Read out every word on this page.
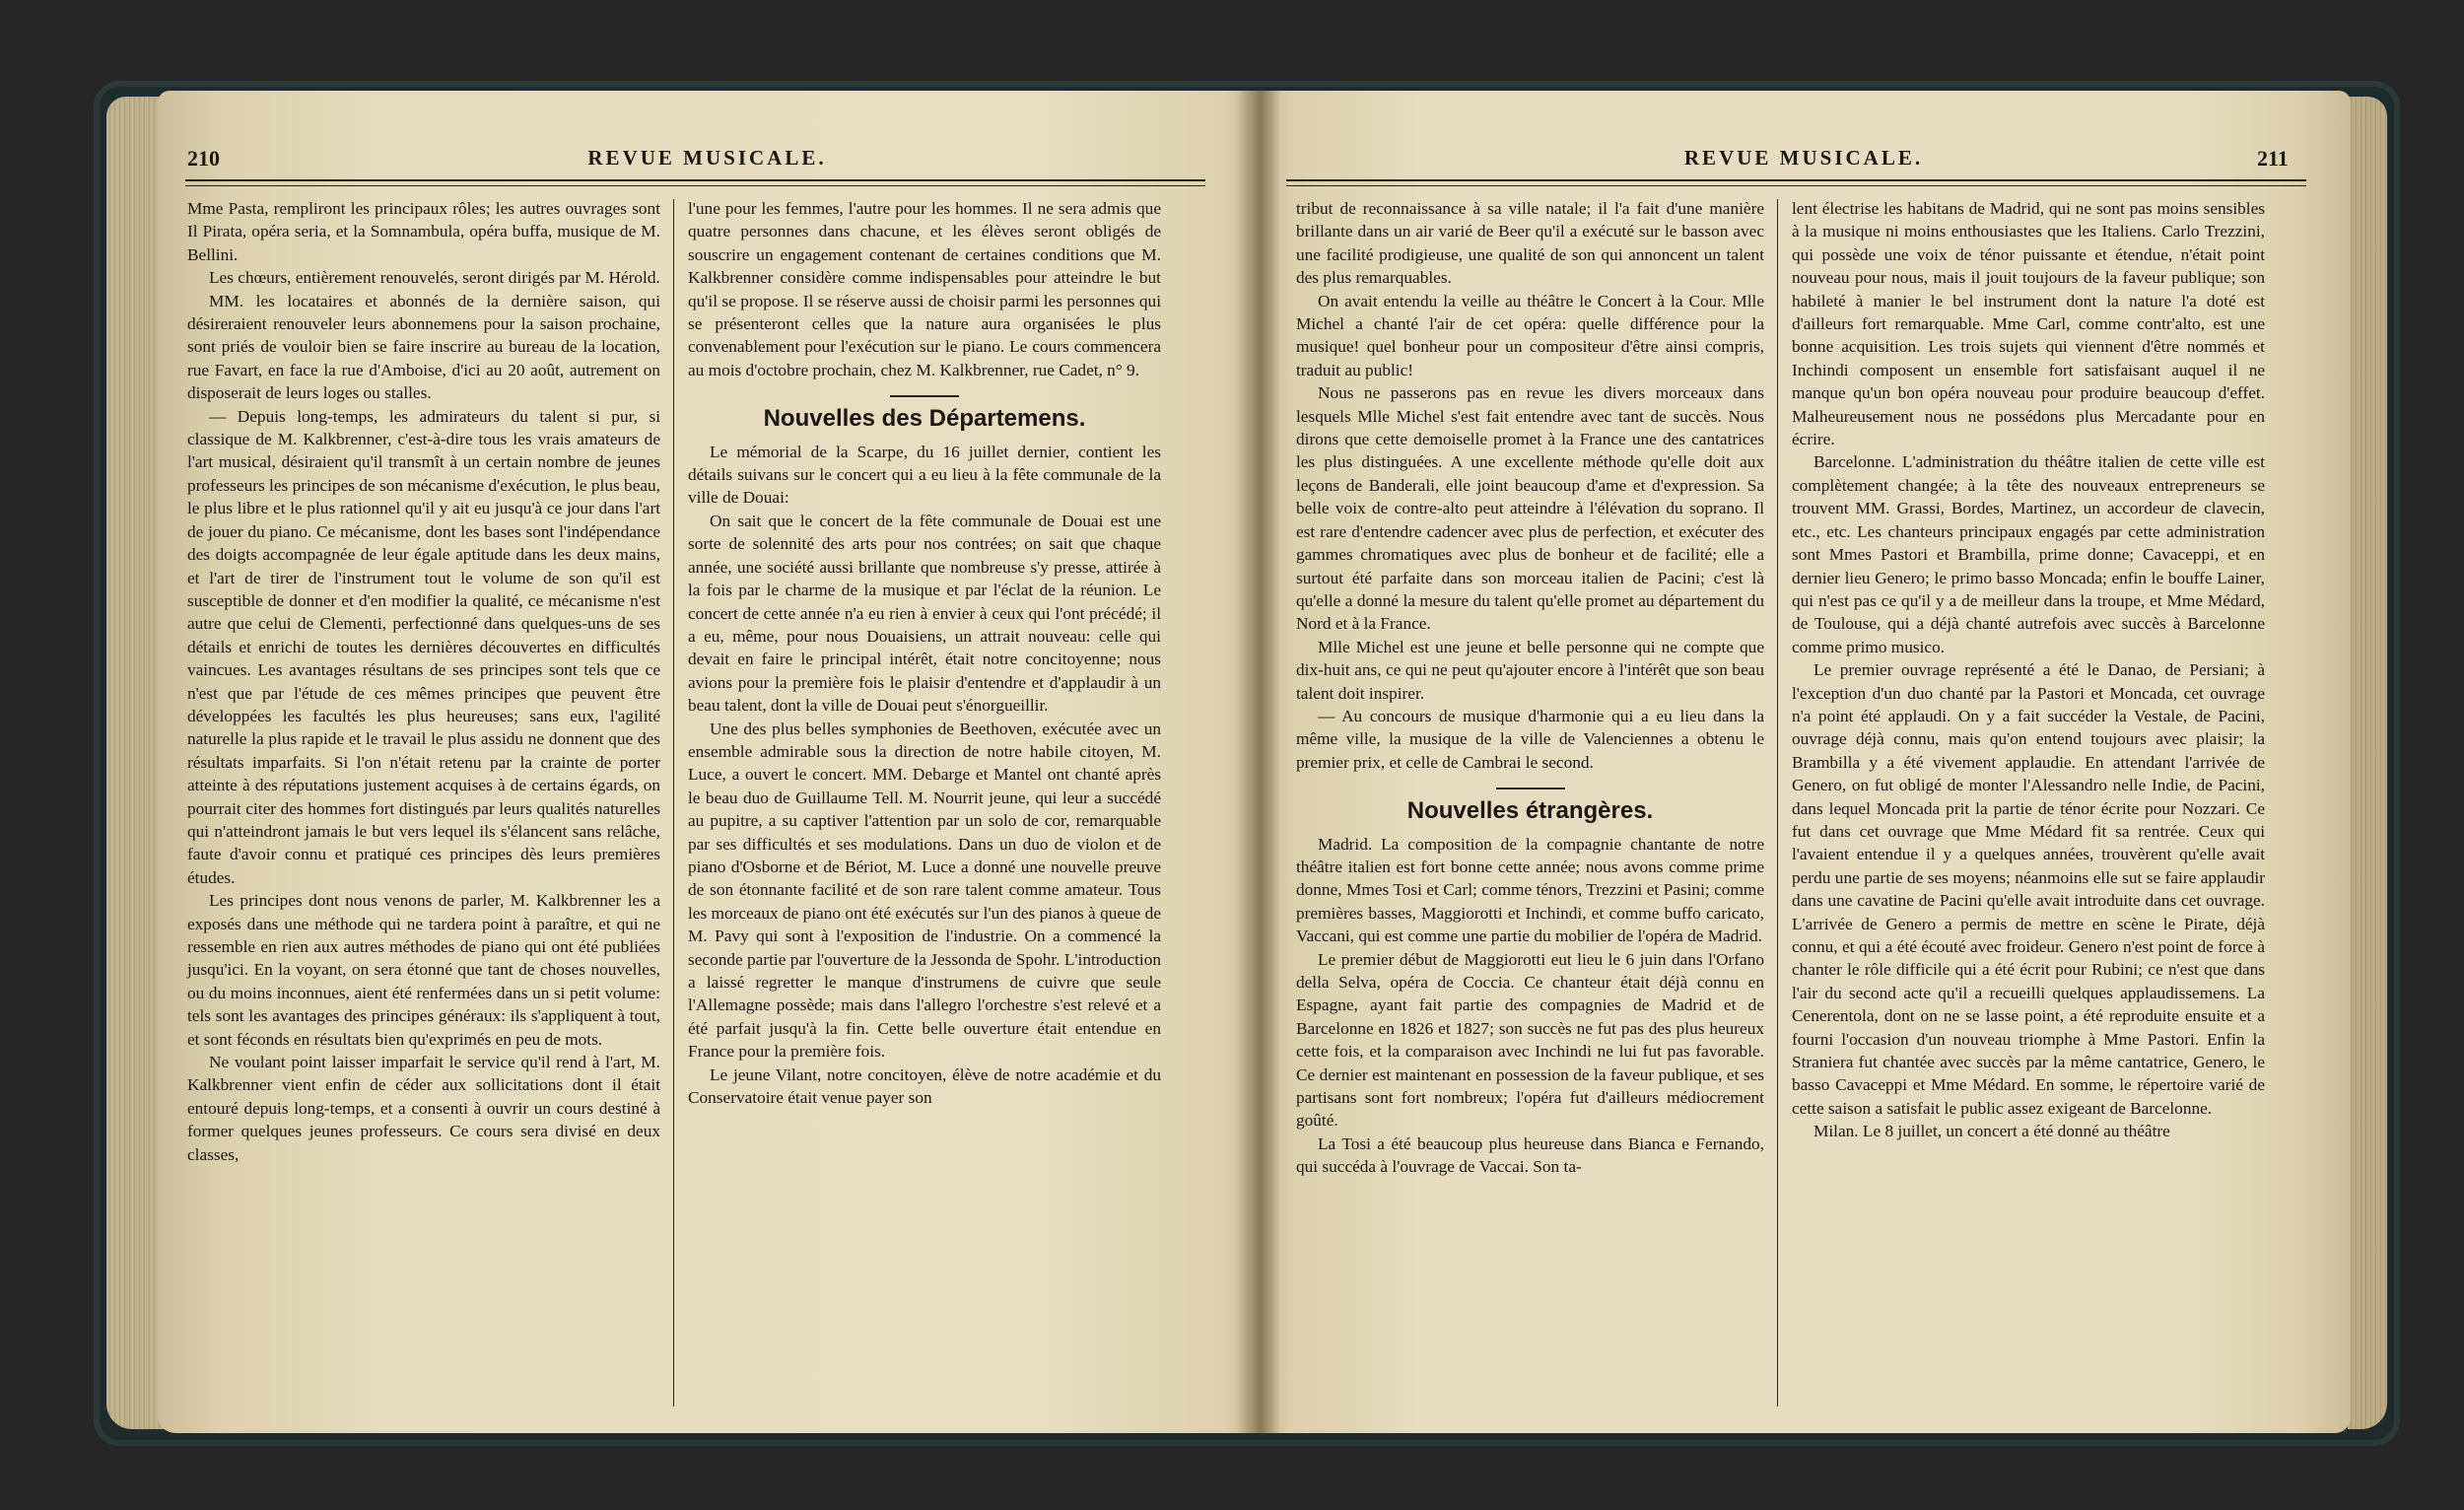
210	REVUE MUSICALE.

Mme Pasta, rempliront les principaux rôles; les autres ouvrages sont Il Pirata, opéra seria, et la Somnambula, opéra buffa, musique de M. Bellini.

Les chœurs, entièrement renouvelés, seront dirigés par M. Hérold.

MM. les locataires et abonnés de la dernière saison, qui désireraient renouveler leurs abonnemens pour la saison prochaine, sont priés de vouloir bien se faire inscrire au bureau de la location, rue Favart, en face la rue d'Amboise, d'ici au 20 août, autrement on disposerait de leurs loges ou stalles.

— Depuis long-temps, les admirateurs du talent si pur, si classique de M. Kalkbrenner, c'est-à-dire tous les vrais amateurs de l'art musical, désiraient qu'il transmît à un certain nombre de jeunes professeurs les principes de son mécanisme d'exécution, le plus beau, le plus libre et le plus rationnel qu'il y ait eu jusqu'à ce jour dans l'art de jouer du piano. Ce mécanisme, dont les bases sont l'indépendance des doigts accompagnée de leur égale aptitude dans les deux mains, et l'art de tirer de l'instrument tout le volume de son qu'il est susceptible de donner et d'en modifier la qualité, ce mécanisme n'est autre que celui de Clementi, perfectionné dans quelques-uns de ses détails et enrichi de toutes les dernières découvertes en difficultés vaincues. Les avantages résultans de ses principes sont tels que ce n'est que par l'étude de ces mêmes principes que peuvent être développées les facultés les plus heureuses; sans eux, l'agilité naturelle la plus rapide et le travail le plus assidu ne donnent que des résultats imparfaits. Si l'on n'était retenu par la crainte de porter atteinte à des réputations justement acquises à de certains égards, on pourrait citer des hommes fort distingués par leurs qualités naturelles qui n'atteindront jamais le but vers lequel ils s'élancent sans relâche, faute d'avoir connu et pratiqué ces principes dès leurs premières études.

Les principes dont nous venons de parler, M. Kalkbrenner les a exposés dans une méthode qui ne tardera point à paraître, et qui ne ressemble en rien aux autres méthodes de piano qui ont été publiées jusqu'ici. En la voyant, on sera étonné que tant de choses nouvelles, ou du moins inconnues, aient été renfermées dans un si petit volume: tels sont les avantages des principes généraux: ils s'appliquent à tout, et sont féconds en résultats bien qu'exprimés en peu de mots.

Ne voulant point laisser imparfait le service qu'il rend à l'art, M. Kalkbrenner vient enfin de céder aux sollicitations dont il était entouré depuis long-temps, et a consenti à ouvrir un cours destiné à former quelques jeunes professeurs. Ce cours sera divisé en deux classes,

l'une pour les femmes, l'autre pour les hommes. Il ne sera admis que quatre personnes dans chacune, et les élèves seront obligés de souscrire un engagement contenant de certaines conditions que M. Kalkbrenner considère comme indispensables pour atteindre le but qu'il se propose. Il se réserve aussi de choisir parmi les personnes qui se présenteront celles que la nature aura organisées le plus convenablement pour l'exécution sur le piano. Le cours commencera au mois d'octobre prochain, chez M. Kalkbrenner, rue Cadet, n° 9.

Nouvelles des Départemens.

Le mémorial de la Scarpe, du 16 juillet dernier, contient les détails suivans sur le concert qui a eu lieu à la fête communale de la ville de Douai:

On sait que le concert de la fête communale de Douai est une sorte de solennité des arts pour nos contrées; on sait que chaque année, une société aussi brillante que nombreuse s'y presse, attirée à la fois par le charme de la musique et par l'éclat de la réunion. Le concert de cette année n'a eu rien à envier à ceux qui l'ont précédé; il a eu, même, pour nous Douaisiens, un attrait nouveau: celle qui devait en faire le principal intérêt, était notre concitoyenne; nous avions pour la première fois le plaisir d'entendre et d'applaudir à un beau talent, dont la ville de Douai peut s'énorgueillir.

Une des plus belles symphonies de Beethoven, exécutée avec un ensemble admirable sous la direction de notre habile citoyen, M. Luce, a ouvert le concert. MM. Debarge et Mantel ont chanté après le beau duo de Guillaume Tell. M. Nourrit jeune, qui leur a succédé au pupitre, a su captiver l'attention par un solo de cor, remarquable par ses difficultés et ses modulations. Dans un duo de violon et de piano d'Osborne et de Bériot, M. Luce a donné une nouvelle preuve de son étonnante facilité et de son rare talent comme amateur. Tous les morceaux de piano ont été exécutés sur l'un des pianos à queue de M. Pavy qui sont à l'exposition de l'industrie. On a commencé la seconde partie par l'ouverture de la Jessonda de Spohr. L'introduction a laissé regretter le manque d'instrumens de cuivre que seule l'Allemagne possède; mais dans l'allegro l'orchestre s'est relevé et a été parfait jusqu'à la fin. Cette belle ouverture était entendue en France pour la première fois.

Le jeune Vilant, notre concitoyen, élève de notre académie et du Conservatoire était venue payer son

REVUE MUSICALE.	211

tribut de reconnaissance à sa ville natale; il l'a fait d'une manière brillante dans un air varié de Beer qu'il a exécuté sur le basson avec une facilité prodigieuse, une qualité de son qui annoncent un talent des plus remarquables.

On avait entendu la veille au théâtre le Concert à la Cour. Mlle Michel a chanté l'air de cet opéra: quelle différence pour la musique! quel bonheur pour un compositeur d'être ainsi compris, traduit au public!

Nous ne passerons pas en revue les divers morceaux dans lesquels Mlle Michel s'est fait entendre avec tant de succès. Nous dirons que cette demoiselle promet à la France une des cantatrices les plus distinguées. A une excellente méthode qu'elle doit aux leçons de Banderali, elle joint beaucoup d'ame et d'expression. Sa belle voix de contre-alto peut atteindre à l'élévation du soprano. Il est rare d'entendre cadencer avec plus de perfection, et exécuter des gammes chromatiques avec plus de bonheur et de facilité; elle a surtout été parfaite dans son morceau italien de Pacini; c'est là qu'elle a donné la mesure du talent qu'elle promet au département du Nord et à la France.

Mlle Michel est une jeune et belle personne qui ne compte que dix-huit ans, ce qui ne peut qu'ajouter encore à l'intérêt que son beau talent doit inspirer.

— Au concours de musique d'harmonie qui a eu lieu dans la même ville, la musique de la ville de Valenciennes a obtenu le premier prix, et celle de Cambrai le second.

Nouvelles étrangères.

Madrid. La composition de la compagnie chantante de notre théâtre italien est fort bonne cette année; nous avons comme prime donne, Mmes Tosi et Carl; comme ténors, Trezzini et Pasini; comme premières basses, Maggiorotti et Inchindi, et comme buffo caricato, Vaccani, qui est comme une partie du mobilier de l'opéra de Madrid.

Le premier début de Maggiorotti eut lieu le 6 juin dans l'Orfano della Selva, opéra de Coccia. Ce chanteur était déjà connu en Espagne, ayant fait partie des compagnies de Madrid et de Barcelonne en 1826 et 1827; son succès ne fut pas des plus heureux cette fois, et la comparaison avec Inchindi ne lui fut pas favorable. Ce dernier est maintenant en possession de la faveur publique, et ses partisans sont fort nombreux; l'opéra fut d'ailleurs médiocrement goûté.

La Tosi a été beaucoup plus heureuse dans Bianca e Fernando, qui succéda à l'ouvrage de Vaccai. Son ta-

lent électrise les habitans de Madrid, qui ne sont pas moins sensibles à la musique ni moins enthousiastes que les Italiens. Carlo Trezzini, qui possède une voix de ténor puissante et étendue, n'était point nouveau pour nous, mais il jouit toujours de la faveur publique; son habileté à manier le bel instrument dont la nature l'a doté est d'ailleurs fort remarquable. Mme Carl, comme contr'alto, est une bonne acquisition. Les trois sujets qui viennent d'être nommés et Inchindi composent un ensemble fort satisfaisant auquel il ne manque qu'un bon opéra nouveau pour produire beaucoup d'effet. Malheureusement nous ne possédons plus Mercadante pour en écrire.

Barcelonne. L'administration du théâtre italien de cette ville est complètement changée; à la tête des nouveaux entrepreneurs se trouvent MM. Grassi, Bordes, Martinez, un accordeur de clavecin, etc., etc. Les chanteurs principaux engagés par cette administration sont Mmes Pastori et Brambilla, prime donne; Cavaceppi, et en dernier lieu Genero; le primo basso Moncada; enfin le bouffe Lainer, qui n'est pas ce qu'il y a de meilleur dans la troupe, et Mme Médard, de Toulouse, qui a déjà chanté autrefois avec succès à Barcelonne comme primo musico.

Le premier ouvrage représenté a été le Danao, de Persiani; à l'exception d'un duo chanté par la Pastori et Moncada, cet ouvrage n'a point été applaudi. On y a fait succéder la Vestale, de Pacini, ouvrage déjà connu, mais qu'on entend toujours avec plaisir; la Brambilla y a été vivement applaudie. En attendant l'arrivée de Genero, on fut obligé de monter l'Alessandro nelle Indie, de Pacini, dans lequel Moncada prit la partie de ténor écrite pour Nozzari. Ce fut dans cet ouvrage que Mme Médard fit sa rentrée. Ceux qui l'avaient entendue il y a quelques années, trouvèrent qu'elle avait perdu une partie de ses moyens; néanmoins elle sut se faire applaudir dans une cavatine de Pacini qu'elle avait introduite dans cet ouvrage. L'arrivée de Genero a permis de mettre en scène le Pirate, déjà connu, et qui a été écouté avec froideur. Genero n'est point de force à chanter le rôle difficile qui a été écrit pour Rubini; ce n'est que dans l'air du second acte qu'il a recueilli quelques applaudissemens. La Cenerentola, dont on ne se lasse point, a été reproduite ensuite et a fourni l'occasion d'un nouveau triomphe à Mme Pastori. Enfin la Straniera fut chantée avec succès par la même cantatrice, Genero, le basso Cavaceppi et Mme Médard. En somme, le répertoire varié de cette saison a satisfait le public assez exigeant de Barcelonne.

Milan. Le 8 juillet, un concert a été donné au théâtre
